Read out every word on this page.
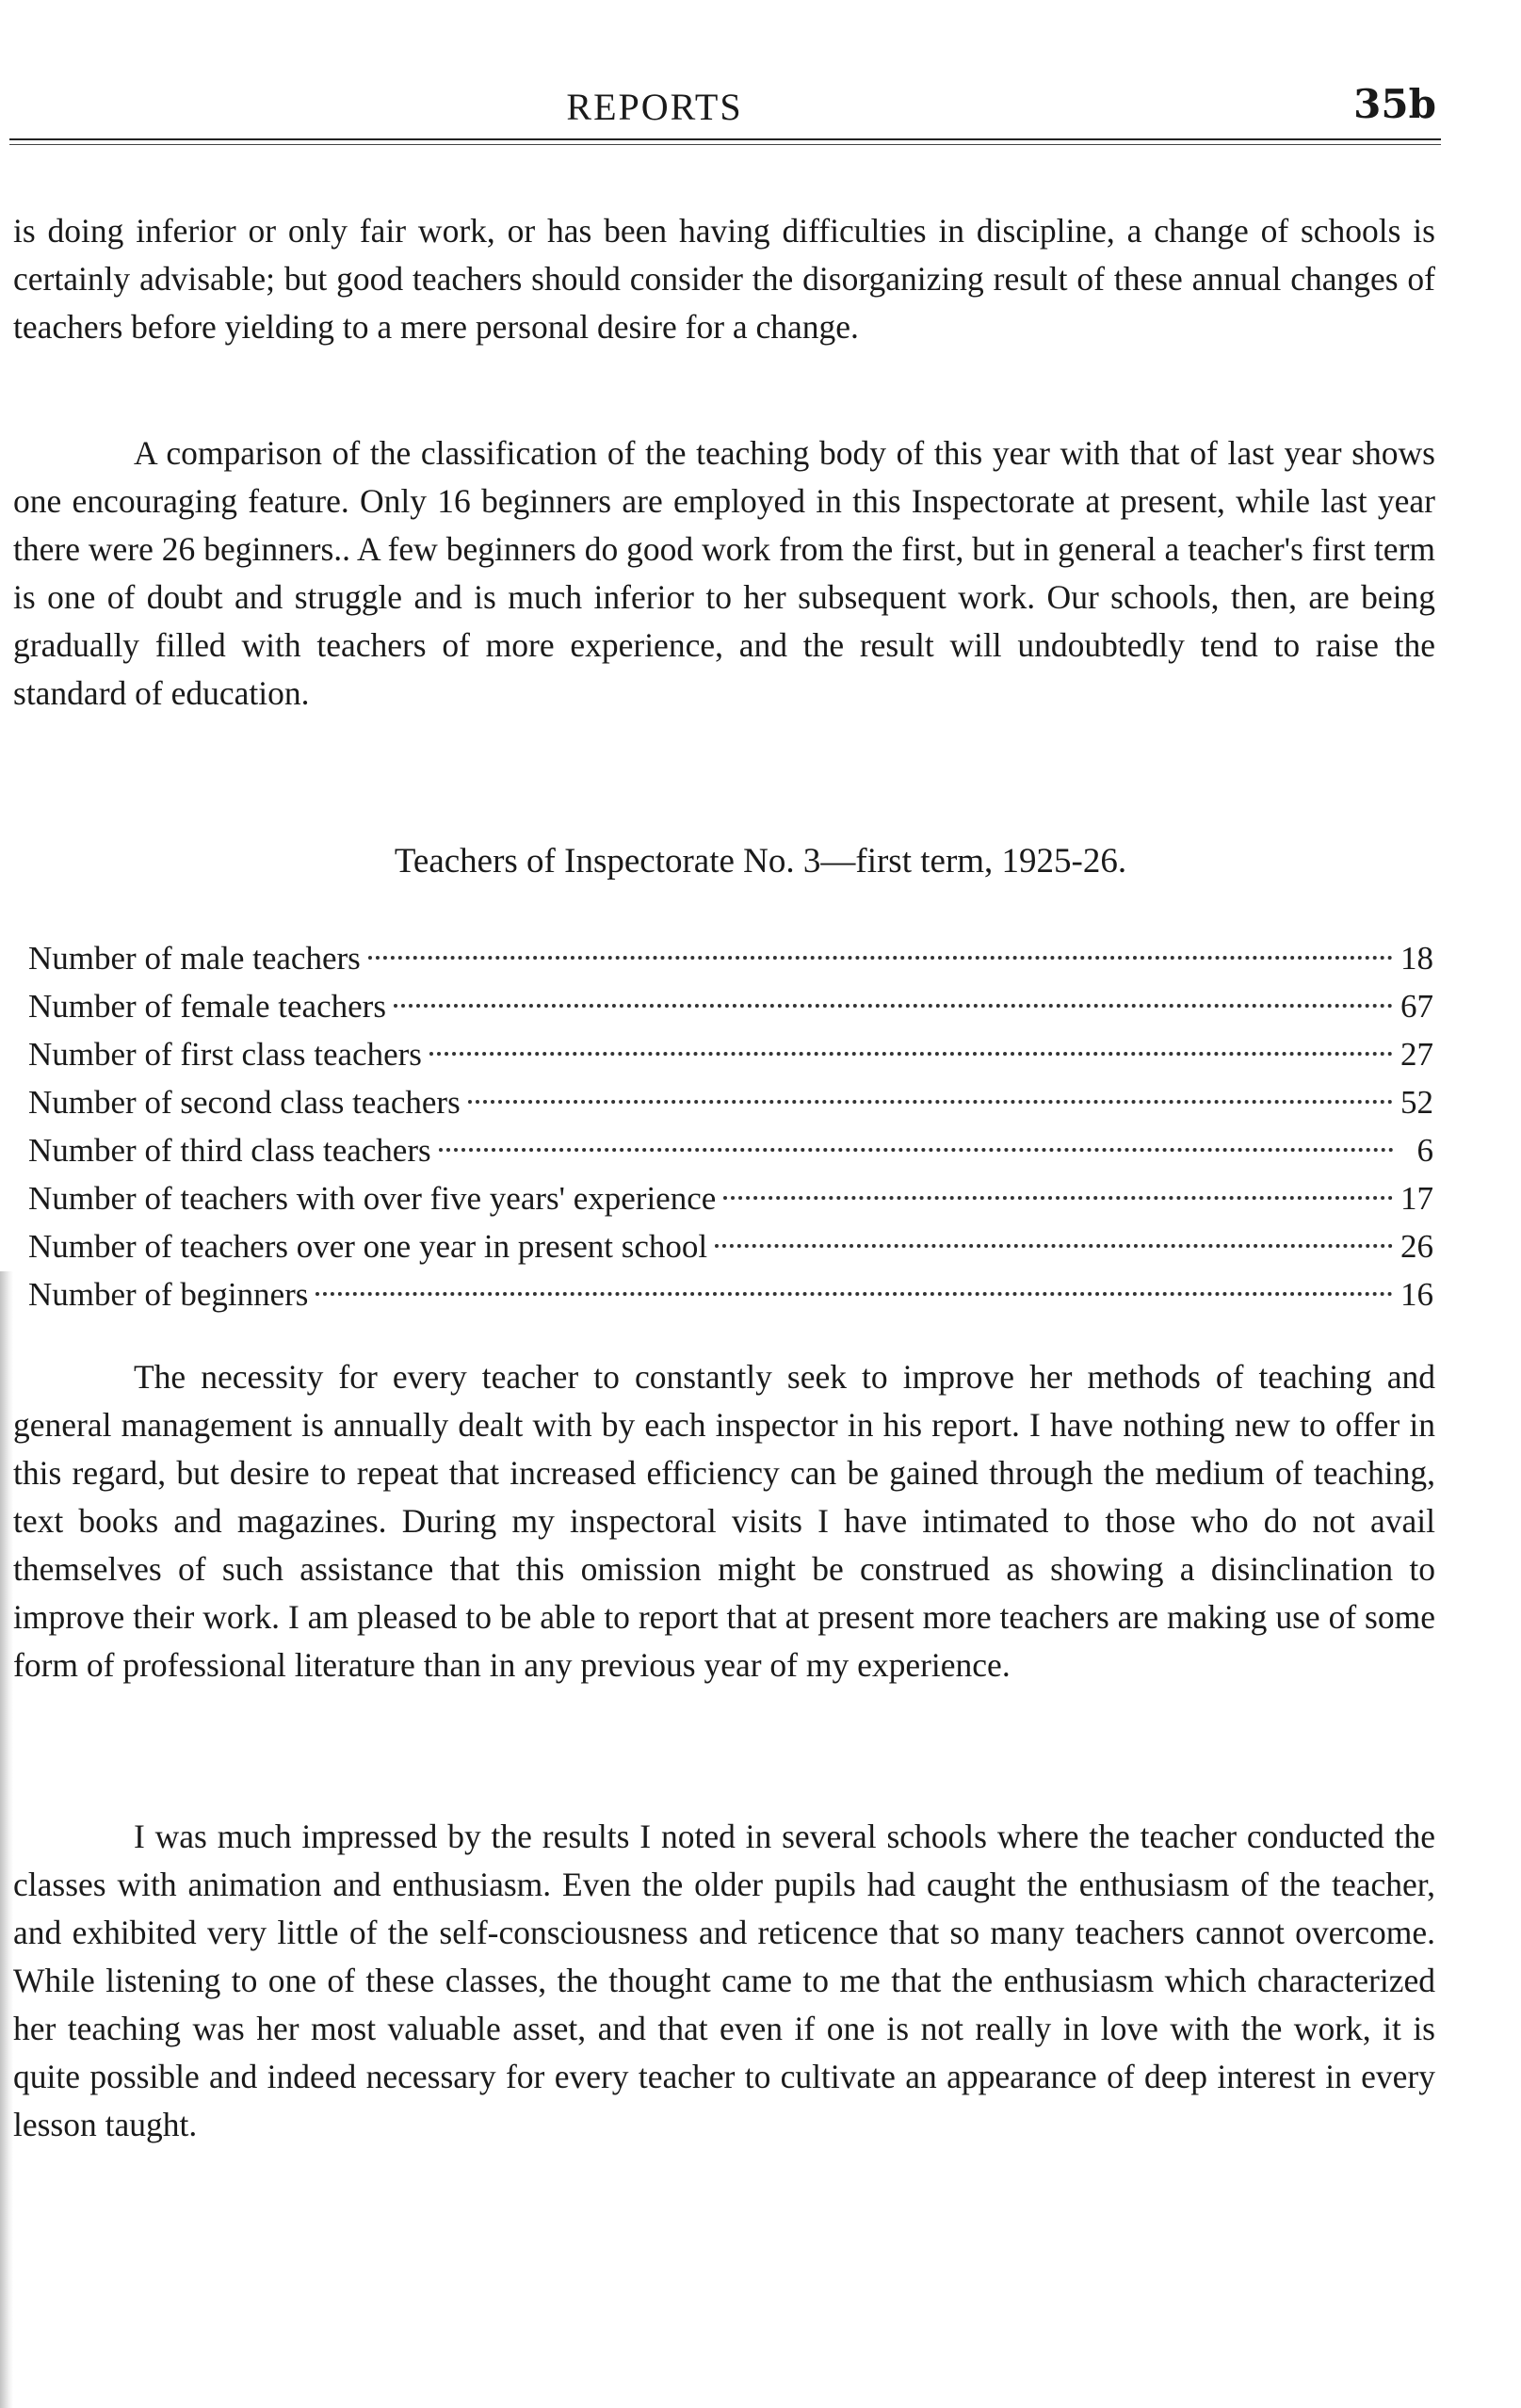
REPORTS	35b

is doing inferior or only fair work, or has been having difficulties in discipline, a change of schools is certainly advisable; but good teachers should consider the disorganizing result of these annual changes of teachers before yielding to a mere personal desire for a change.

A comparison of the classification of the teaching body of this year with that of last year shows one encouraging feature. Only 16 beginners are employed in this Inspectorate at present, while last year there were 26 beginners.. A few beginners do good work from the first, but in general a teacher's first term is one of doubt and struggle and is much inferior to her subsequent work. Our schools, then, are being gradually filled with teachers of more experience, and the result will undoubtedly tend to raise the standard of education.

Teachers of Inspectorate No. 3—first term, 1925-26.
Number of male teachers	18
Number of female teachers	67
Number of first class teachers	27
Number of second class teachers	52
Number of third class teachers	6
Number of teachers with over five years' experience	17
Number of teachers over one year in present school	26
Number of beginners	16

The necessity for every teacher to constantly seek to improve her methods of teaching and general management is annually dealt with by each inspector in his report. I have nothing new to offer in this regard, but desire to repeat that increased efficiency can be gained through the medium of teaching, text books and magazines. During my inspectoral visits I have intimated to those who do not avail themselves of such assistance that this omission might be construed as showing a disinclination to improve their work. I am pleased to be able to report that at present more teachers are making use of some form of professional literature than in any previous year of my experience.

I was much impressed by the results I noted in several schools where the teacher conducted the classes with animation and enthusiasm. Even the older pupils had caught the enthusiasm of the teacher, and exhibited very little of the self-consciousness and reticence that so many teachers cannot overcome. While listening to one of these classes, the thought came to me that the enthusiasm which characterized her teaching was her most valuable asset, and that even if one is not really in love with the work, it is quite possible and indeed necessary for every teacher to cultivate an appearance of deep interest in every lesson taught.
